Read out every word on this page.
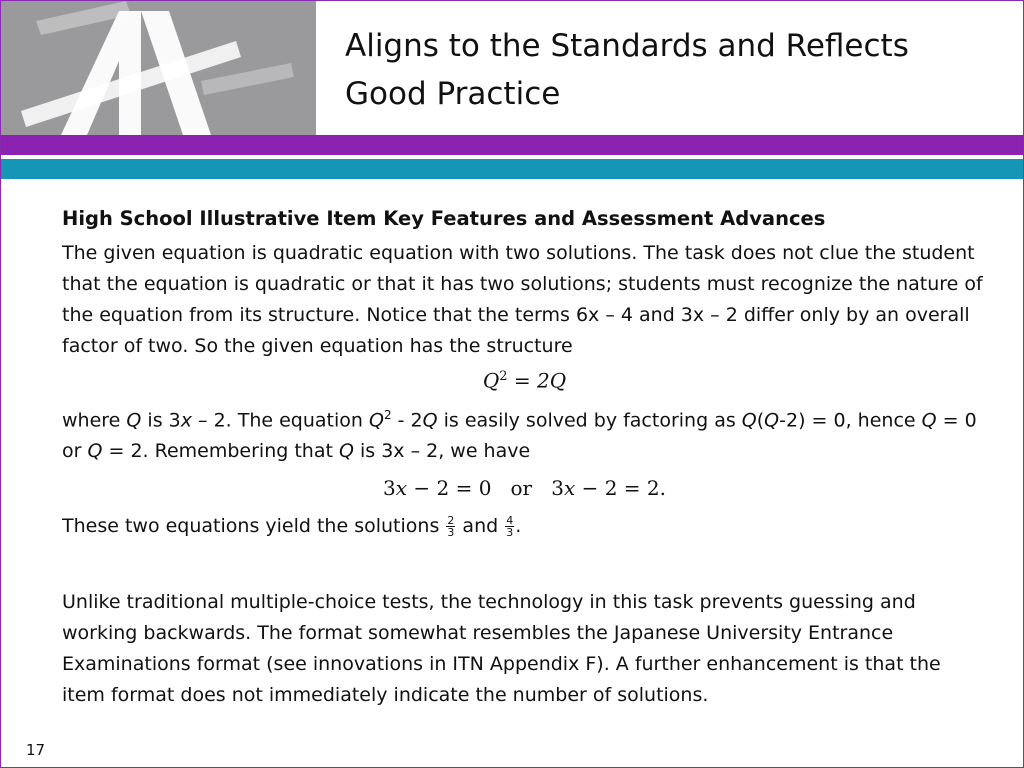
Aligns to the Standards and Reflects Good Practice
High School Illustrative Item Key Features and Assessment Advances

The given equation is quadratic equation with two solutions. The task does not clue the student that the equation is quadratic or that it has two solutions; students must recognize the nature of the equation from its structure. Notice that the terms 6x – 4 and 3x – 2 differ only by an overall factor of two. So the given equation has the structure

$Q^2 = 2Q$

where Q is 3x – 2. The equation $Q^2 - 2Q$ is easily solved by factoring as Q(Q-2) = 0, hence Q = 0 or Q = 2. Remembering that Q is 3x – 2, we have

3x − 2 = 0 or 3x − 2 = 2.

These two equations yield the solutions $\frac{2}{3}$ and $\frac{4}{3}$ .

Unlike traditional multiple-choice tests, the technology in this task prevents guessing and working backwards. The format somewhat resembles the Japanese University Entrance Examinations format (see innovations in ITN Appendix F). A further enhancement is that the item format does not immediately indicate the number of solutions.

17
